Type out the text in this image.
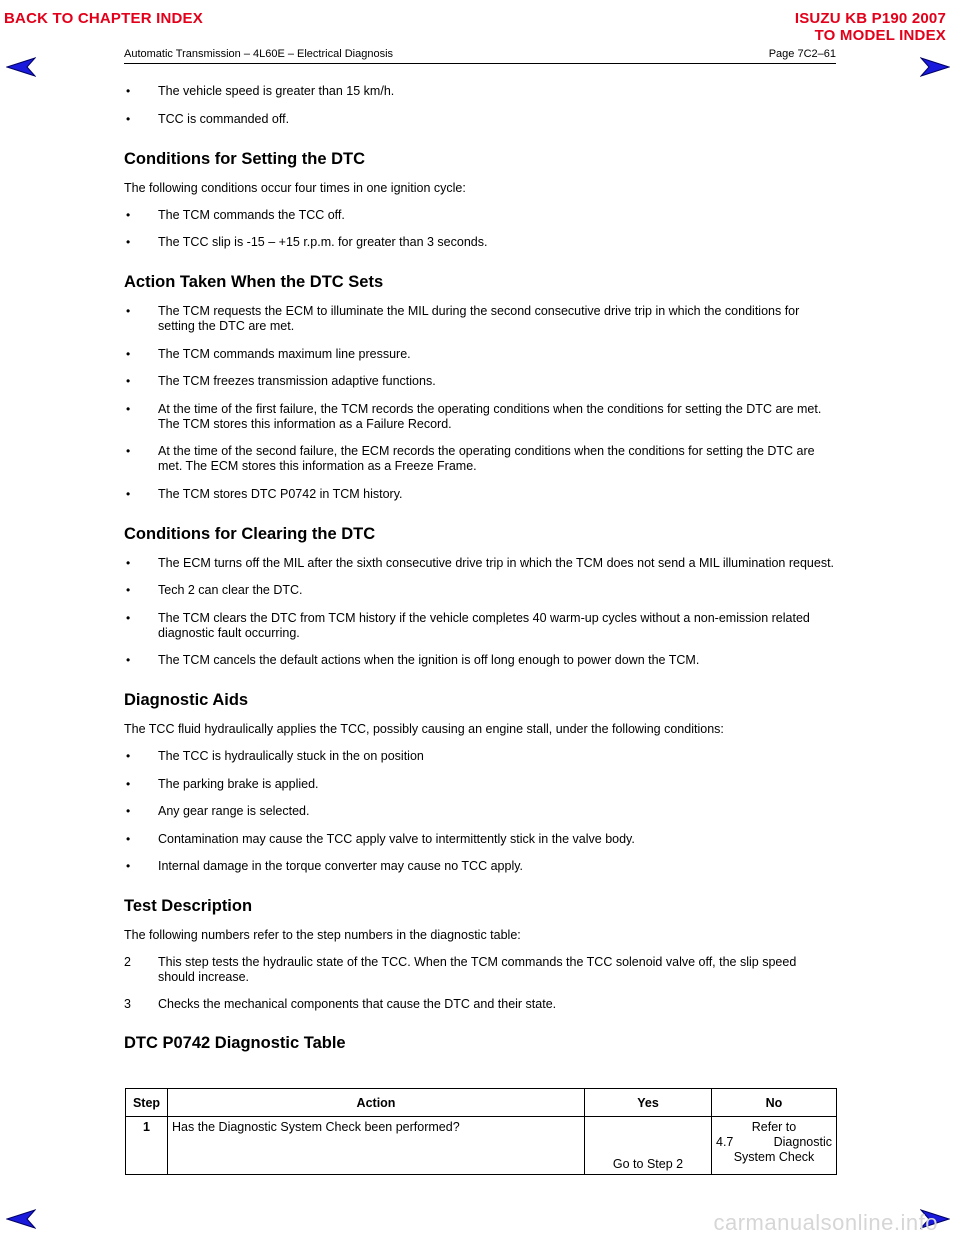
BACK TO CHAPTER INDEX	ISUZU KB P190 2007
TO MODEL INDEX
Automatic Transmission – 4L60E – Electrical Diagnosis	Page 7C2–61
• The vehicle speed is greater than 15 km/h.
• TCC is commanded off.
Conditions for Setting the DTC

The following conditions occur four times in one ignition cycle:

• The TCM commands the TCC off.
• The TCC slip is -15 – +15 r.p.m. for greater than 3 seconds.
Action Taken When the DTC Sets
• The TCM requests the ECM to illuminate the MIL during the second consecutive drive trip in which the conditions for setting the DTC are met.
• The TCM commands maximum line pressure.
• The TCM freezes transmission adaptive functions.
• At the time of the first failure, the TCM records the operating conditions when the conditions for setting the DTC are met. The TCM stores this information as a Failure Record.
• At the time of the second failure, the ECM records the operating conditions when the conditions for setting the DTC are met. The ECM stores this information as a Freeze Frame.
• The TCM stores DTC P0742 in TCM history.
Conditions for Clearing the DTC
• The ECM turns off the MIL after the sixth consecutive drive trip in which the TCM does not send a MIL illumination request.
• Tech 2 can clear the DTC.
• The TCM clears the DTC from TCM history if the vehicle completes 40 warm-up cycles without a non-emission related diagnostic fault occurring.
• The TCM cancels the default actions when the ignition is off long enough to power down the TCM.
Diagnostic Aids

The TCC fluid hydraulically applies the TCC, possibly causing an engine stall, under the following conditions:

• The TCC is hydraulically stuck in the on position
• The parking brake is applied.
• Any gear range is selected.
• Contamination may cause the TCC apply valve to intermittently stick in the valve body.
• Internal damage in the torque converter may cause no TCC apply.
Test Description

The following numbers refer to the step numbers in the diagnostic table:

2 This step tests the hydraulic state of the TCC. When the TCM commands the TCC solenoid valve off, the slip speed should increase.
3 Checks the mechanical components that cause the DTC and their state.
DTC P0742 Diagnostic Table
Step	Action	Yes	No
1	Has the Diagnostic System Check been performed?	Go to Step 2	Refer to
4.7 Diagnostic
System Check
carmanualsonline.info
